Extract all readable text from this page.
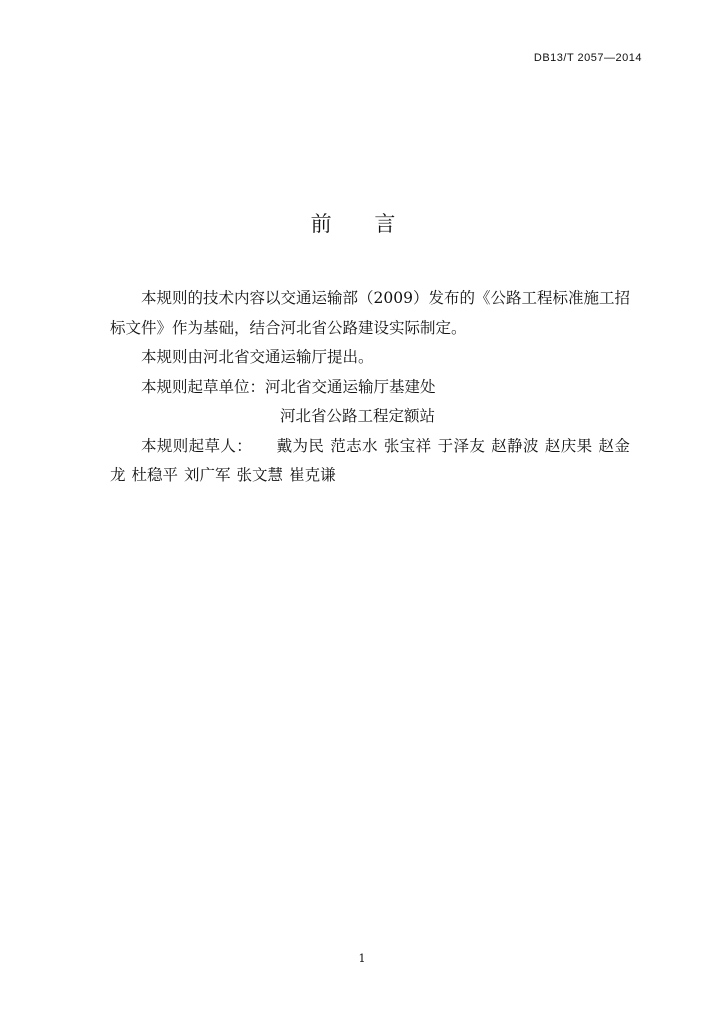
DB13/T 2057—2014
前 言

本规则的技术内容以交通运输部（2009）发布的《公路工程标准施工招标文件》作为基础，结合河北省公路建设实际制定。

本规则由河北省交通运输厅提出。

本规则起草单位：河北省交通运输厅基建处

河北省公路工程定额站

本规则起草人： 戴为民 范志水 张宝祥 于泽友 赵静波 赵庆果 赵金龙 杜稳平 刘广军 张文慧 崔克谦

1
